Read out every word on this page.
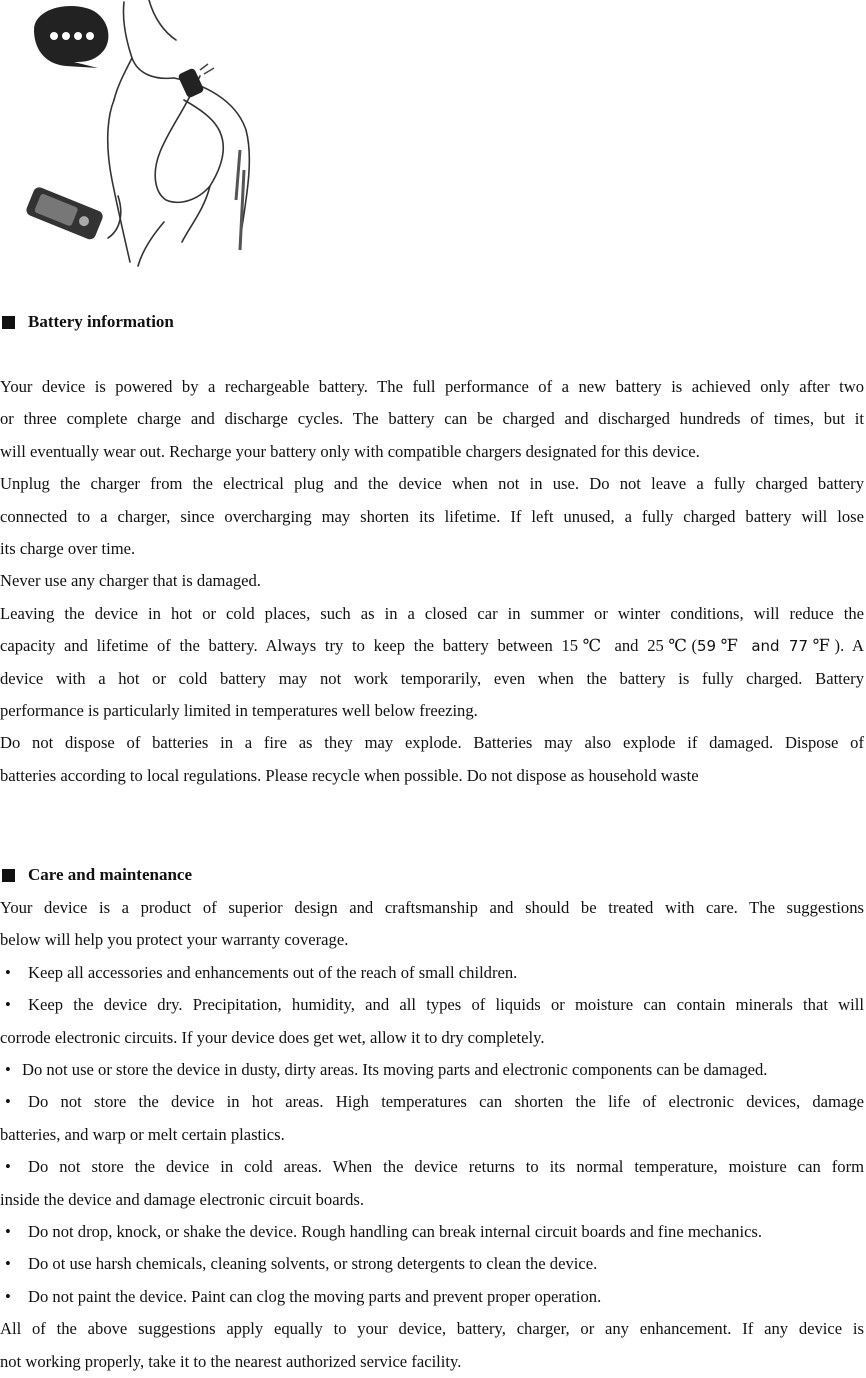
Battery information
Your device is powered by a rechargeable battery. The full performance of a new battery is achieved only after two
or three complete charge and discharge cycles. The battery can be charged and discharged hundreds of times, but it
will eventually wear out. Recharge your battery only with compatible chargers designated for this device.
Unplug the charger from the electrical plug and the device when not in use. Do not leave a fully charged battery
connected to a charger, since overcharging may shorten its lifetime. If left unused, a fully charged battery will lose
its charge over time.
Never use any charger that is damaged.
Leaving the device in hot or cold places, such as in a closed car in summer or winter conditions, will reduce the
capacity and lifetime of the battery. Always try to keep the battery between 15℃ and 25℃(59℉ and 77℉). A
device with a hot or cold battery may not work temporarily, even when the battery is fully charged. Battery
performance is particularly limited in temperatures well below freezing.
Do not dispose of batteries in a fire as they may explode. Batteries may also explode if damaged. Dispose of
batteries according to local regulations. Please recycle when possible. Do not dispose as household waste
Care and maintenance
Your device is a product of superior design and craftsmanship and should be treated with care. The suggestions
below will help you protect your warranty coverage.
• Keep all accessories and enhancements out of the reach of small children.
• Keep the device dry. Precipitation, humidity, and all types of liquids or moisture can contain minerals that will
corrode electronic circuits. If your device does get wet, allow it to dry completely.
• Do not use or store the device in dusty, dirty areas. Its moving parts and electronic components can be damaged.
• Do not store the device in hot areas. High temperatures can shorten the life of electronic devices, damage
batteries, and warp or melt certain plastics.
• Do not store the device in cold areas. When the device returns to its normal temperature, moisture can form
inside the device and damage electronic circuit boards.
• Do not drop, knock, or shake the device. Rough handling can break internal circuit boards and fine mechanics.
• Do ot use harsh chemicals, cleaning solvents, or strong detergents to clean the device.
• Do not paint the device. Paint can clog the moving parts and prevent proper operation.
All of the above suggestions apply equally to your device, battery, charger, or any enhancement. If any device is
not working properly, take it to the nearest authorized service facility.
